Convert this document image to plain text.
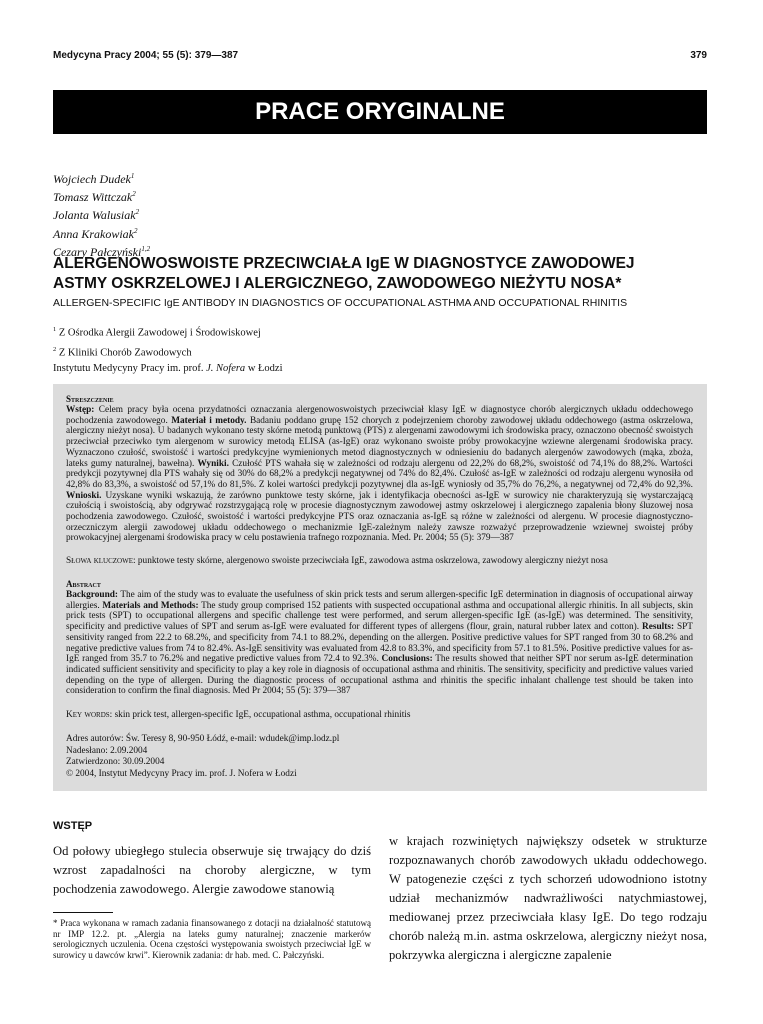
Medycyna Pracy 2004; 55 (5): 379—387	379
PRACE ORYGINALNE
Wojciech Dudek$^1$
Tomasz Wittczak$^2$
Jolanta Walusiak$^2$
Anna Krakowiak$^2$
Cezary Pałczyński$^{1,2}$
ALERGENOWOSWOISTE PRZECIWCIAŁA IgE W DIAGNOSTYCE ZAWODOWEJ
ASTMY OSKRZELOWEJ I ALERGICZNEGO, ZAWODOWEGO NIEŻYTU NOSA*
ALLERGEN-SPECIFIC IgE ANTIBODY IN DIAGNOSTICS OF OCCUPATIONAL ASTHMA AND OCCUPATIONAL RHINITIS
$^1$ Z Ośrodka Alergii Zawodowej i Środowiskowej
$^2$ Z Kliniki Chorób Zawodowych
Instytutu Medycyny Pracy im. prof. J. Nofera w Łodzi
Streszczenie
Wstęp: Celem pracy była ocena przydatności oznaczania alergenowoswoistych przeciwciał klasy IgE w diagnostyce chorób alergicznych układu oddechowego pochodzenia zawodowego. Materiał i metody. Badaniu poddano grupę 152 chorych z podejrzeniem choroby zawodowej układu oddechowego (astma oskrzelowa, alergiczny nieżyt nosa). U badanych wykonano testy skórne metodą punktową (PTS) z alergenami zawodowymi ich środowiska pracy, oznaczono obecność swoistych przeciwciał przeciwko tym alergenom w surowicy metodą ELISA (as-IgE) oraz wykonano swoiste próby prowokacyjne wziewne alergenami środowiska pracy. Wyznaczono czułość, swoistość i wartości predykcyjne wymienionych metod diagnostycznych w odniesieniu do badanych alergenów zawodowych (mąka, zboża, lateks gumy naturalnej, bawełna). Wyniki. Czułość PTS wahała się w zależności od rodzaju alergenu od 22,2% do 68,2%, swoistość od 74,1% do 88,2%. Wartości predykcji pozytywnej dla PTS wahały się od 30% do 68,2% a predykcji negatywnej od 74% do 82,4%. Czułość as-IgE w zależności od rodzaju alergenu wynosiła od 42,8% do 83,3%, a swoistość od 57,1% do 81,5%. Z kolei wartości predykcji pozytywnej dla as-IgE wyniosły od 35,7% do 76,2%, a negatywnej od 72,4% do 92,3%. Wnioski. Uzyskane wyniki wskazują, że zarówno punktowe testy skórne, jak i identyfikacja obecności as-IgE w surowicy nie charakteryzują się wystarczającą czułością i swoistością, aby odgrywać rozstrzygającą rolę w procesie diagnostycznym zawodowej astmy oskrzelowej i alergicznego zapalenia błony śluzowej nosa pochodzenia zawodowego. Czułość, swoistość i wartości predykcyjne PTS oraz oznaczania as-IgE są różne w zależności od alergenu. W procesie diagnostyczno-orzeczniczym alergii zawodowej układu oddechowego o mechanizmie IgE-zależnym należy zawsze rozważyć przeprowadzenie wziewnej swoistej próby prowokacyjnej alergenami środowiska pracy w celu postawienia trafnego rozpoznania. Med. Pr. 2004; 55 (5): 379—387
Słowa kluczowe: punktowe testy skórne, alergenowo swoiste przeciwciała IgE, zawodowa astma oskrzelowa, zawodowy alergiczny nieżyt nosa
Abstract
Background: The aim of the study was to evaluate the usefulness of skin prick tests and serum allergen-specific IgE determination in diagnosis of occupational airway allergies. Materials and Methods: The study group comprised 152 patients with suspected occupational asthma and occupational allergic rhinitis. In all subjects, skin prick tests (SPT) to occupational allergens and specific challenge test were performed, and serum allergen-specific IgE (as-IgE) was determined. The sensitivity, specificity and predictive values of SPT and serum as-IgE were evaluated for different types of allergens (flour, grain, natural rubber latex and cotton). Results: SPT sensitivity ranged from 22.2 to 68.2%, and specificity from 74.1 to 88.2%, depending on the allergen. Positive predictive values for SPT ranged from 30 to 68.2% and negative predictive values from 74 to 82.4%. As-IgE sensitivity was evaluated from 42.8 to 83.3%, and specificity from 57.1 to 81.5%. Positive predictive values for as-IgE ranged from 35.7 to 76.2% and negative predictive values from 72.4 to 92.3%. Conclusions: The results showed that neither SPT nor serum as-IgE determination indicated sufficient sensitivity and specificity to play a key role in diagnosis of occupational asthma and rhinitis. The sensitivity, specificity and predictive values varied depending on the type of allergen. During the diagnostic process of occupational asthma and rhinitis the specific inhalant challenge test should be taken into consideration to confirm the final diagnosis. Med Pr 2004; 55 (5): 379—387
Key words: skin prick test, allergen-specific IgE, occupational asthma, occupational rhinitis
Adres autorów: Św. Teresy 8, 90-950 Łódź, e-mail: wdudek@imp.lodz.pl
Nadesłano: 2.09.2004
Zatwierdzono: 30.09.2004
© 2004, Instytut Medycyny Pracy im. prof. J. Nofera w Łodzi
WSTĘP
Od połowy ubiegłego stulecia obserwuje się trwający do dziś wzrost zapadalności na choroby alergiczne, w tym pochodzenia zawodowego. Alergie zawodowe stanowią
w krajach rozwiniętych największy odsetek w strukturze rozpoznawanych chorób zawodowych układu oddechowego. W patogenezie części z tych schorzeń udowodniono istotny udział mechanizmów nadwrażliwości natychmiastowej, mediowanej przez przeciwciała klasy IgE. Do tego rodzaju chorób należą m.in. astma oskrzelowa, alergiczny nieżyt nosa, pokrzywka alergiczna i alergiczne zapalenie
* Praca wykonana w ramach zadania finansowanego z dotacji na działalność statutową nr IMP 12.2. pt. „Alergia na lateks gumy naturalnej; znaczenie markerów serologicznych uczulenia. Ocena częstości występowania swoistych przeciwciał IgE w surowicy u dawców krwi”. Kierownik zadania: dr hab. med. C. Pałczyński.
